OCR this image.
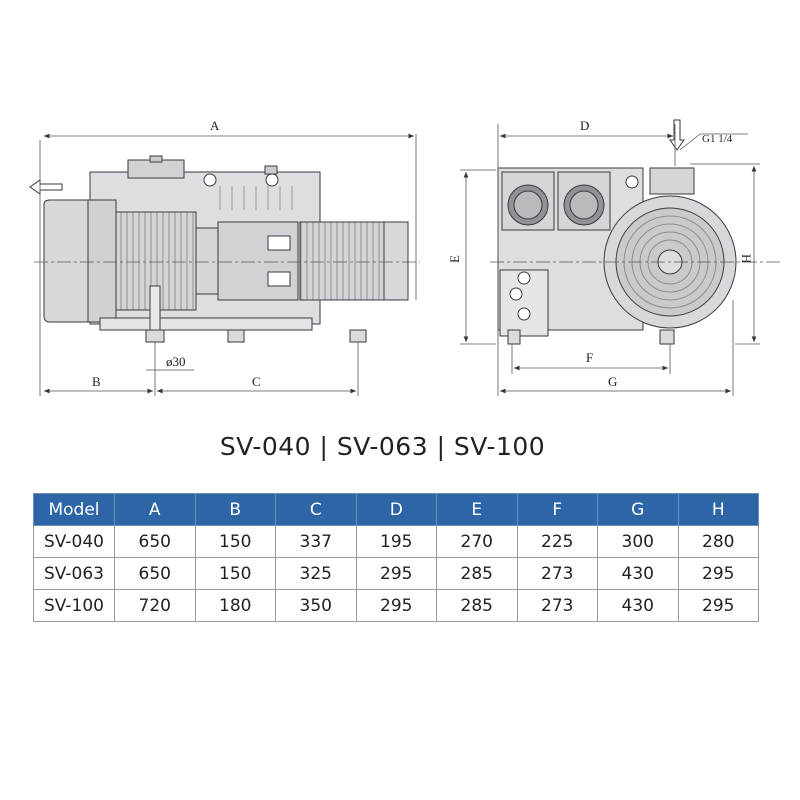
A
B	C
ø30
D
E
F
G
H
G1 1/4
SV-040 | SV-063 | SV-100
Model	A	B	C	D	E	F	G	H
SV-040	650	150	337	195	270	225	300	280
SV-063	650	150	325	295	285	273	430	295
SV-100	720	180	350	295	285	273	430	295
